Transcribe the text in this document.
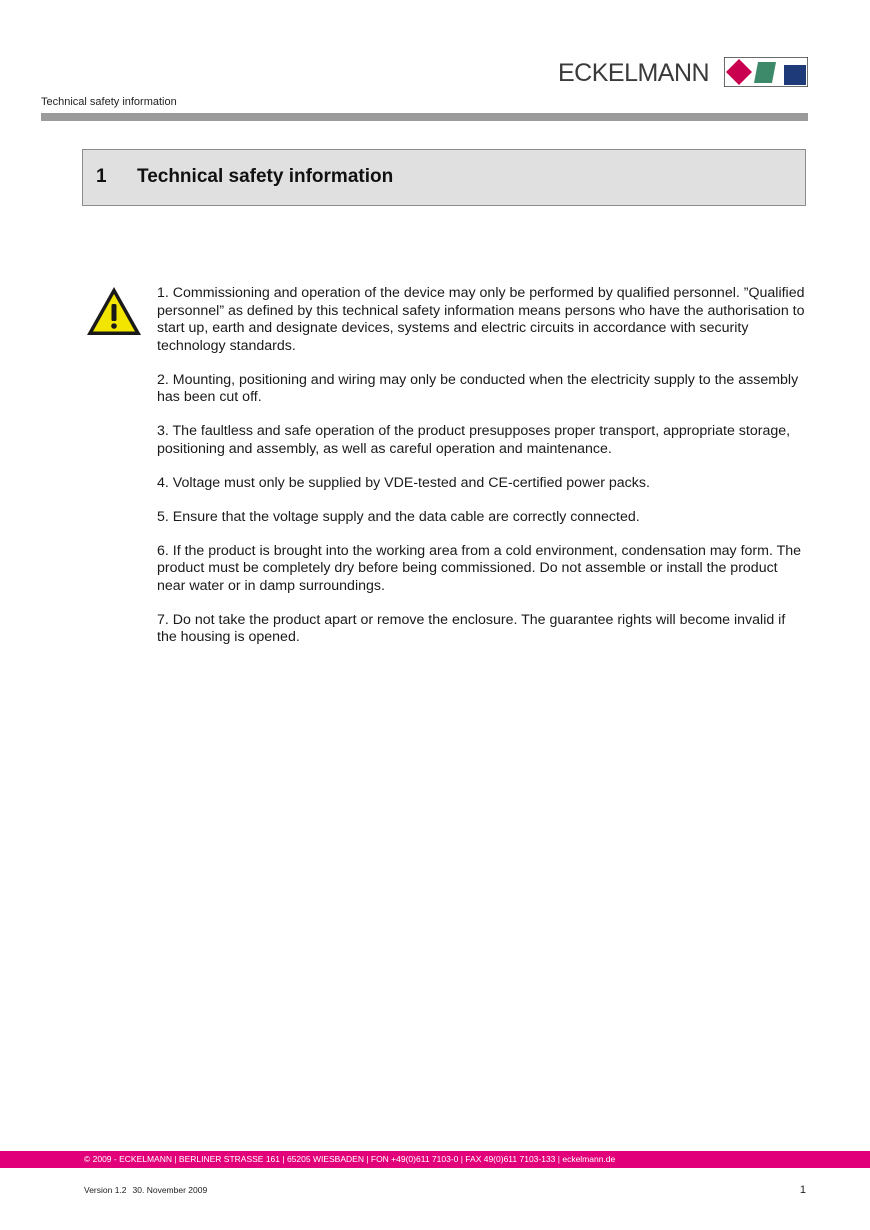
ECKELMANN
Technical safety information
1 Technical safety information
1. Commissioning and operation of the device may only be performed by qualified personnel. ”Qualified personnel” as defined by this technical safety information means persons who have the authorisation to start up, earth and designate devices, systems and electric circuits in accordance with security technology standards.
2. Mounting, positioning and wiring may only be conducted when the electricity supply to the assembly has been cut off.
3. The faultless and safe operation of the product presupposes proper transport, appropriate storage, positioning and assembly, as well as careful operation and maintenance.
4. Voltage must only be supplied by VDE-tested and CE-certified power packs.
5. Ensure that the voltage supply and the data cable are correctly connected.
6. If the product is brought into the working area from a cold environment, condensation may form. The product must be completely dry before being commissioned. Do not assemble or install the product near water or in damp surroundings.
7. Do not take the product apart or remove the enclosure. The guarantee rights will become invalid if the housing is opened.
© 2009 - ECKELMANN | BERLINER STRASSE 161 | 65205 WIESBADEN | FON +49(0)611 7103-0 | FAX 49(0)611 7103-133 | eckelmann.de
Version 1.2 30. November 2009	1
